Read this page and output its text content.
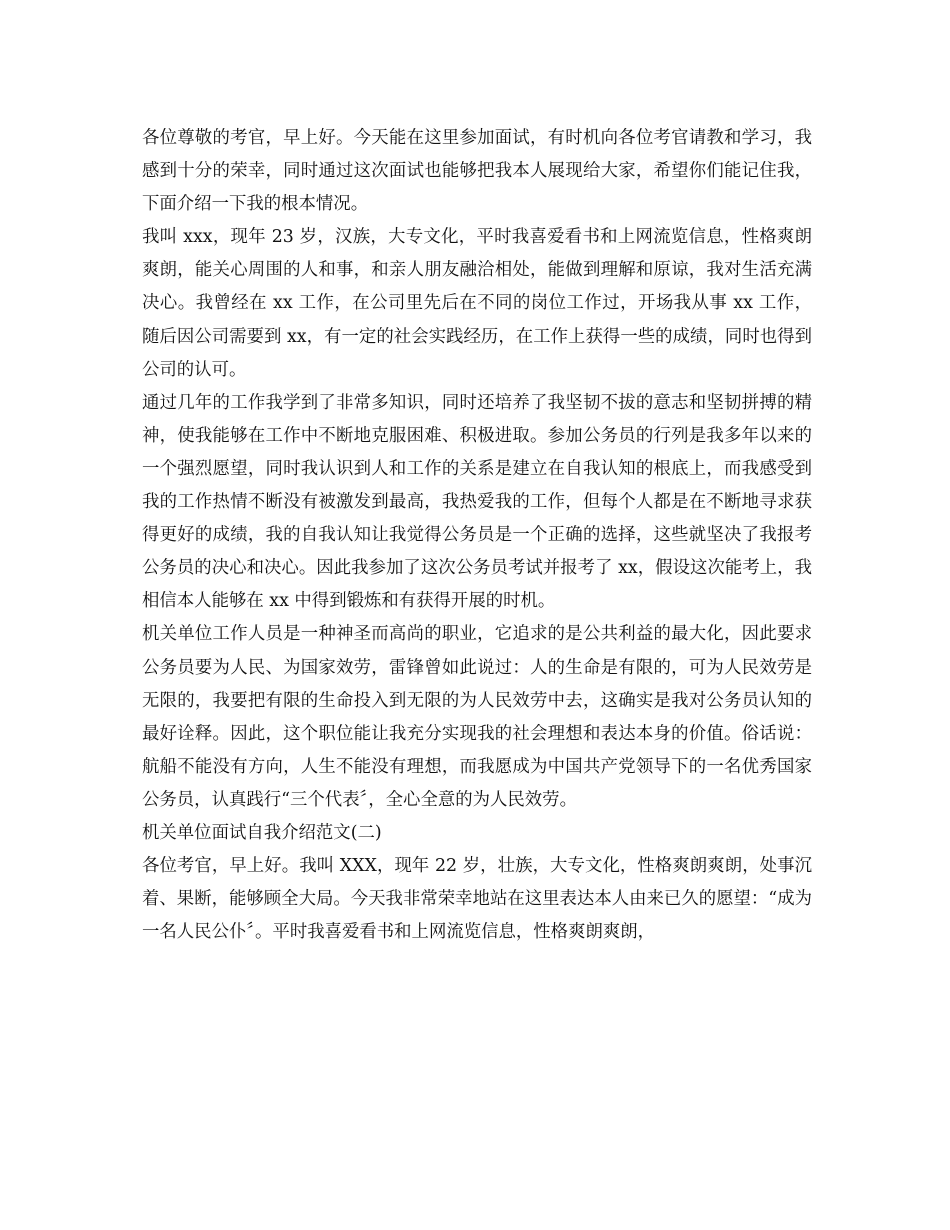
各位尊敬的考官，早上好。今天能在这里参加面试，有时机向各位考官请教和学习，我感到十分的荣幸，同时通过这次面试也能够把我本人展现给大家，希望你们能记住我，下面介绍一下我的根本情况。

我叫 xxx，现年 23 岁，汉族，大专文化，平时我喜爱看书和上网流览信息，性格爽朗爽朗，能关心周围的人和事，和亲人朋友融洽相处，能做到理解和原谅，我对生活充满决心。我曾经在 xx 工作，在公司里先后在不同的岗位工作过，开场我从事 xx 工作，随后因公司需要到 xx，有一定的社会实践经历，在工作上获得一些的成绩，同时也得到公司的认可。

通过几年的工作我学到了非常多知识，同时还培养了我坚韧不拔的意志和坚韧拼搏的精神，使我能够在工作中不断地克服困难、积极进取。参加公务员的行列是我多年以来的一个强烈愿望，同时我认识到人和工作的关系是建立在自我认知的根底上，而我感受到我的工作热情不断没有被激发到最高，我热爱我的工作，但每个人都是在不断地寻求获得更好的成绩，我的自我认知让我觉得公务员是一个正确的选择，这些就坚决了我报考公务员的决心和决心。因此我参加了这次公务员考试并报考了 xx，假设这次能考上，我相信本人能够在 xx 中得到锻炼和有获得开展的时机。

机关单位工作人员是一种神圣而高尚的职业，它追求的是公共利益的最大化，因此要求公务员要为人民、为国家效劳，雷锋曾如此说过：人的生命是有限的，可为人民效劳是无限的，我要把有限的生命投入到无限的为人民效劳中去，这确实是我对公务员认知的最好诠释。因此，这个职位能让我充分实现我的社会理想和表达本身的价值。俗话说：航船不能没有方向，人生不能没有理想，而我愿成为中国共产党领导下的一名优秀国家公务员，认真践行“三个代表〞，全心全意的为人民效劳。

机关单位面试自我介绍范文(二)

各位考官，早上好。我叫 XXX，现年 22 岁，壮族，大专文化，性格爽朗爽朗，处事沉着、果断，能够顾全大局。今天我非常荣幸地站在这里表达本人由来已久的愿望：“成为一名人民公仆〞。平时我喜爱看书和上网流览信息，性格爽朗爽朗，
